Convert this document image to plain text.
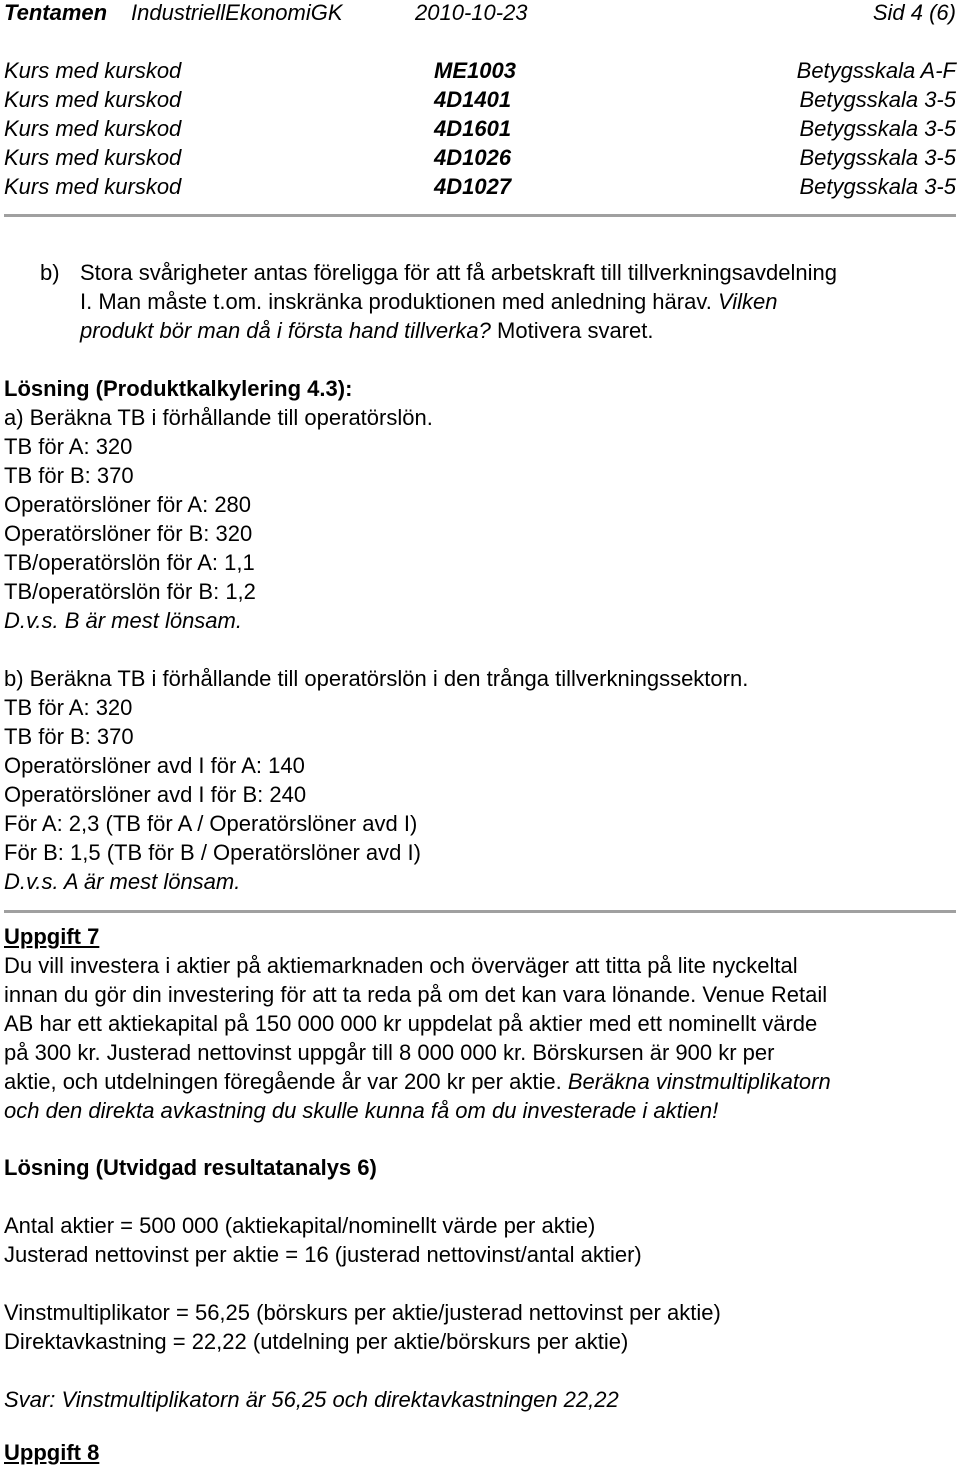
Tentamen IndustriellEkonomiGK	2010-10-23	Sid 4 (6)
Kurs med kurskod	ME1003	Betygsskala A-F
Kurs med kurskod	4D1401	Betygsskala 3-5
Kurs med kurskod	4D1601	Betygsskala 3-5
Kurs med kurskod	4D1026	Betygsskala 3-5
Kurs med kurskod	4D1027	Betygsskala 3-5
b) Stora svårigheter antas föreligga för att få arbetskraft till tillverkningsavdelning
I. Man måste t.om. inskränka produktionen med anledning härav. Vilken
produkt bör man då i första hand tillverka? Motivera svaret.
Lösning (Produktkalkylering 4.3):
a) Beräkna TB i förhållande till operatörslön.
TB för A: 320
TB för B: 370
Operatörslöner för A: 280
Operatörslöner för B: 320
TB/operatörslön för A: 1,1
TB/operatörslön för B: 1,2
D.v.s. B är mest lönsam.
b) Beräkna TB i förhållande till operatörslön i den trånga tillverkningssektorn.
TB för A: 320
TB för B: 370
Operatörslöner avd I för A: 140
Operatörslöner avd I för B: 240
För A: 2,3 (TB för A / Operatörslöner avd I)
För B: 1,5 (TB för B / Operatörslöner avd I)
D.v.s. A är mest lönsam.
Uppgift 7
Du vill investera i aktier på aktiemarknaden och överväger att titta på lite nyckeltal
innan du gör din investering för att ta reda på om det kan vara lönande. Venue Retail
AB har ett aktiekapital på 150 000 000 kr uppdelat på aktier med ett nominellt värde
på 300 kr. Justerad nettovinst uppgår till 8 000 000 kr. Börskursen är 900 kr per
aktie, och utdelningen föregående år var 200 kr per aktie. Beräkna vinstmultiplikatorn
och den direkta avkastning du skulle kunna få om du investerade i aktien!
Lösning (Utvidgad resultatanalys 6)
Antal aktier = 500 000 (aktiekapital/nominellt värde per aktie)
Justerad nettovinst per aktie = 16 (justerad nettovinst/antal aktier)
Vinstmultiplikator = 56,25 (börskurs per aktie/justerad nettovinst per aktie)
Direktavkastning = 22,22 (utdelning per aktie/börskurs per aktie)
Svar: Vinstmultiplikatorn är 56,25 och direktavkastningen 22,22
Uppgift 8
